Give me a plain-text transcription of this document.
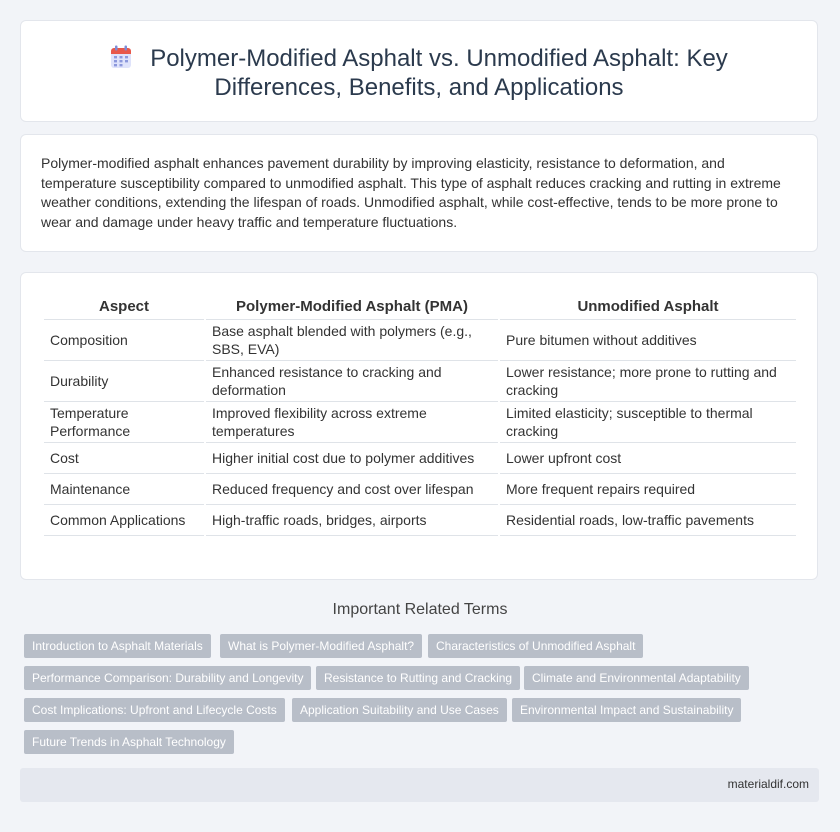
Polymer-Modified Asphalt vs. Unmodified Asphalt: Key
Differences, Benefits, and Applications
Polymer-modified asphalt enhances pavement durability by improving elasticity, resistance to deformation, and temperature susceptibility compared to unmodified asphalt. This type of asphalt reduces cracking and rutting in extreme weather conditions, extending the lifespan of roads. Unmodified asphalt, while cost-effective, tends to be more prone to wear and damage under heavy traffic and temperature fluctuations.
Aspect	Polymer-Modified Asphalt (PMA)	Unmodified Asphalt
Composition	Base asphalt blended with polymers (e.g., SBS, EVA)	Pure bitumen without additives
Durability	Enhanced resistance to cracking and deformation	Lower resistance; more prone to rutting and cracking
Temperature Performance	Improved flexibility across extreme temperatures	Limited elasticity; susceptible to thermal cracking
Cost	Higher initial cost due to polymer additives	Lower upfront cost
Maintenance	Reduced frequency and cost over lifespan	More frequent repairs required
Common Applications	High-traffic roads, bridges, airports	Residential roads, low-traffic pavements
Important Related Terms
Introduction to Asphalt Materials	What is Polymer-Modified Asphalt?	Characteristics of Unmodified Asphalt
Performance Comparison: Durability and Longevity	Resistance to Rutting and Cracking	Climate and Environmental Adaptability
Cost Implications: Upfront and Lifecycle Costs	Application Suitability and Use Cases	Environmental Impact and Sustainability
Future Trends in Asphalt Technology
materialdif.com
